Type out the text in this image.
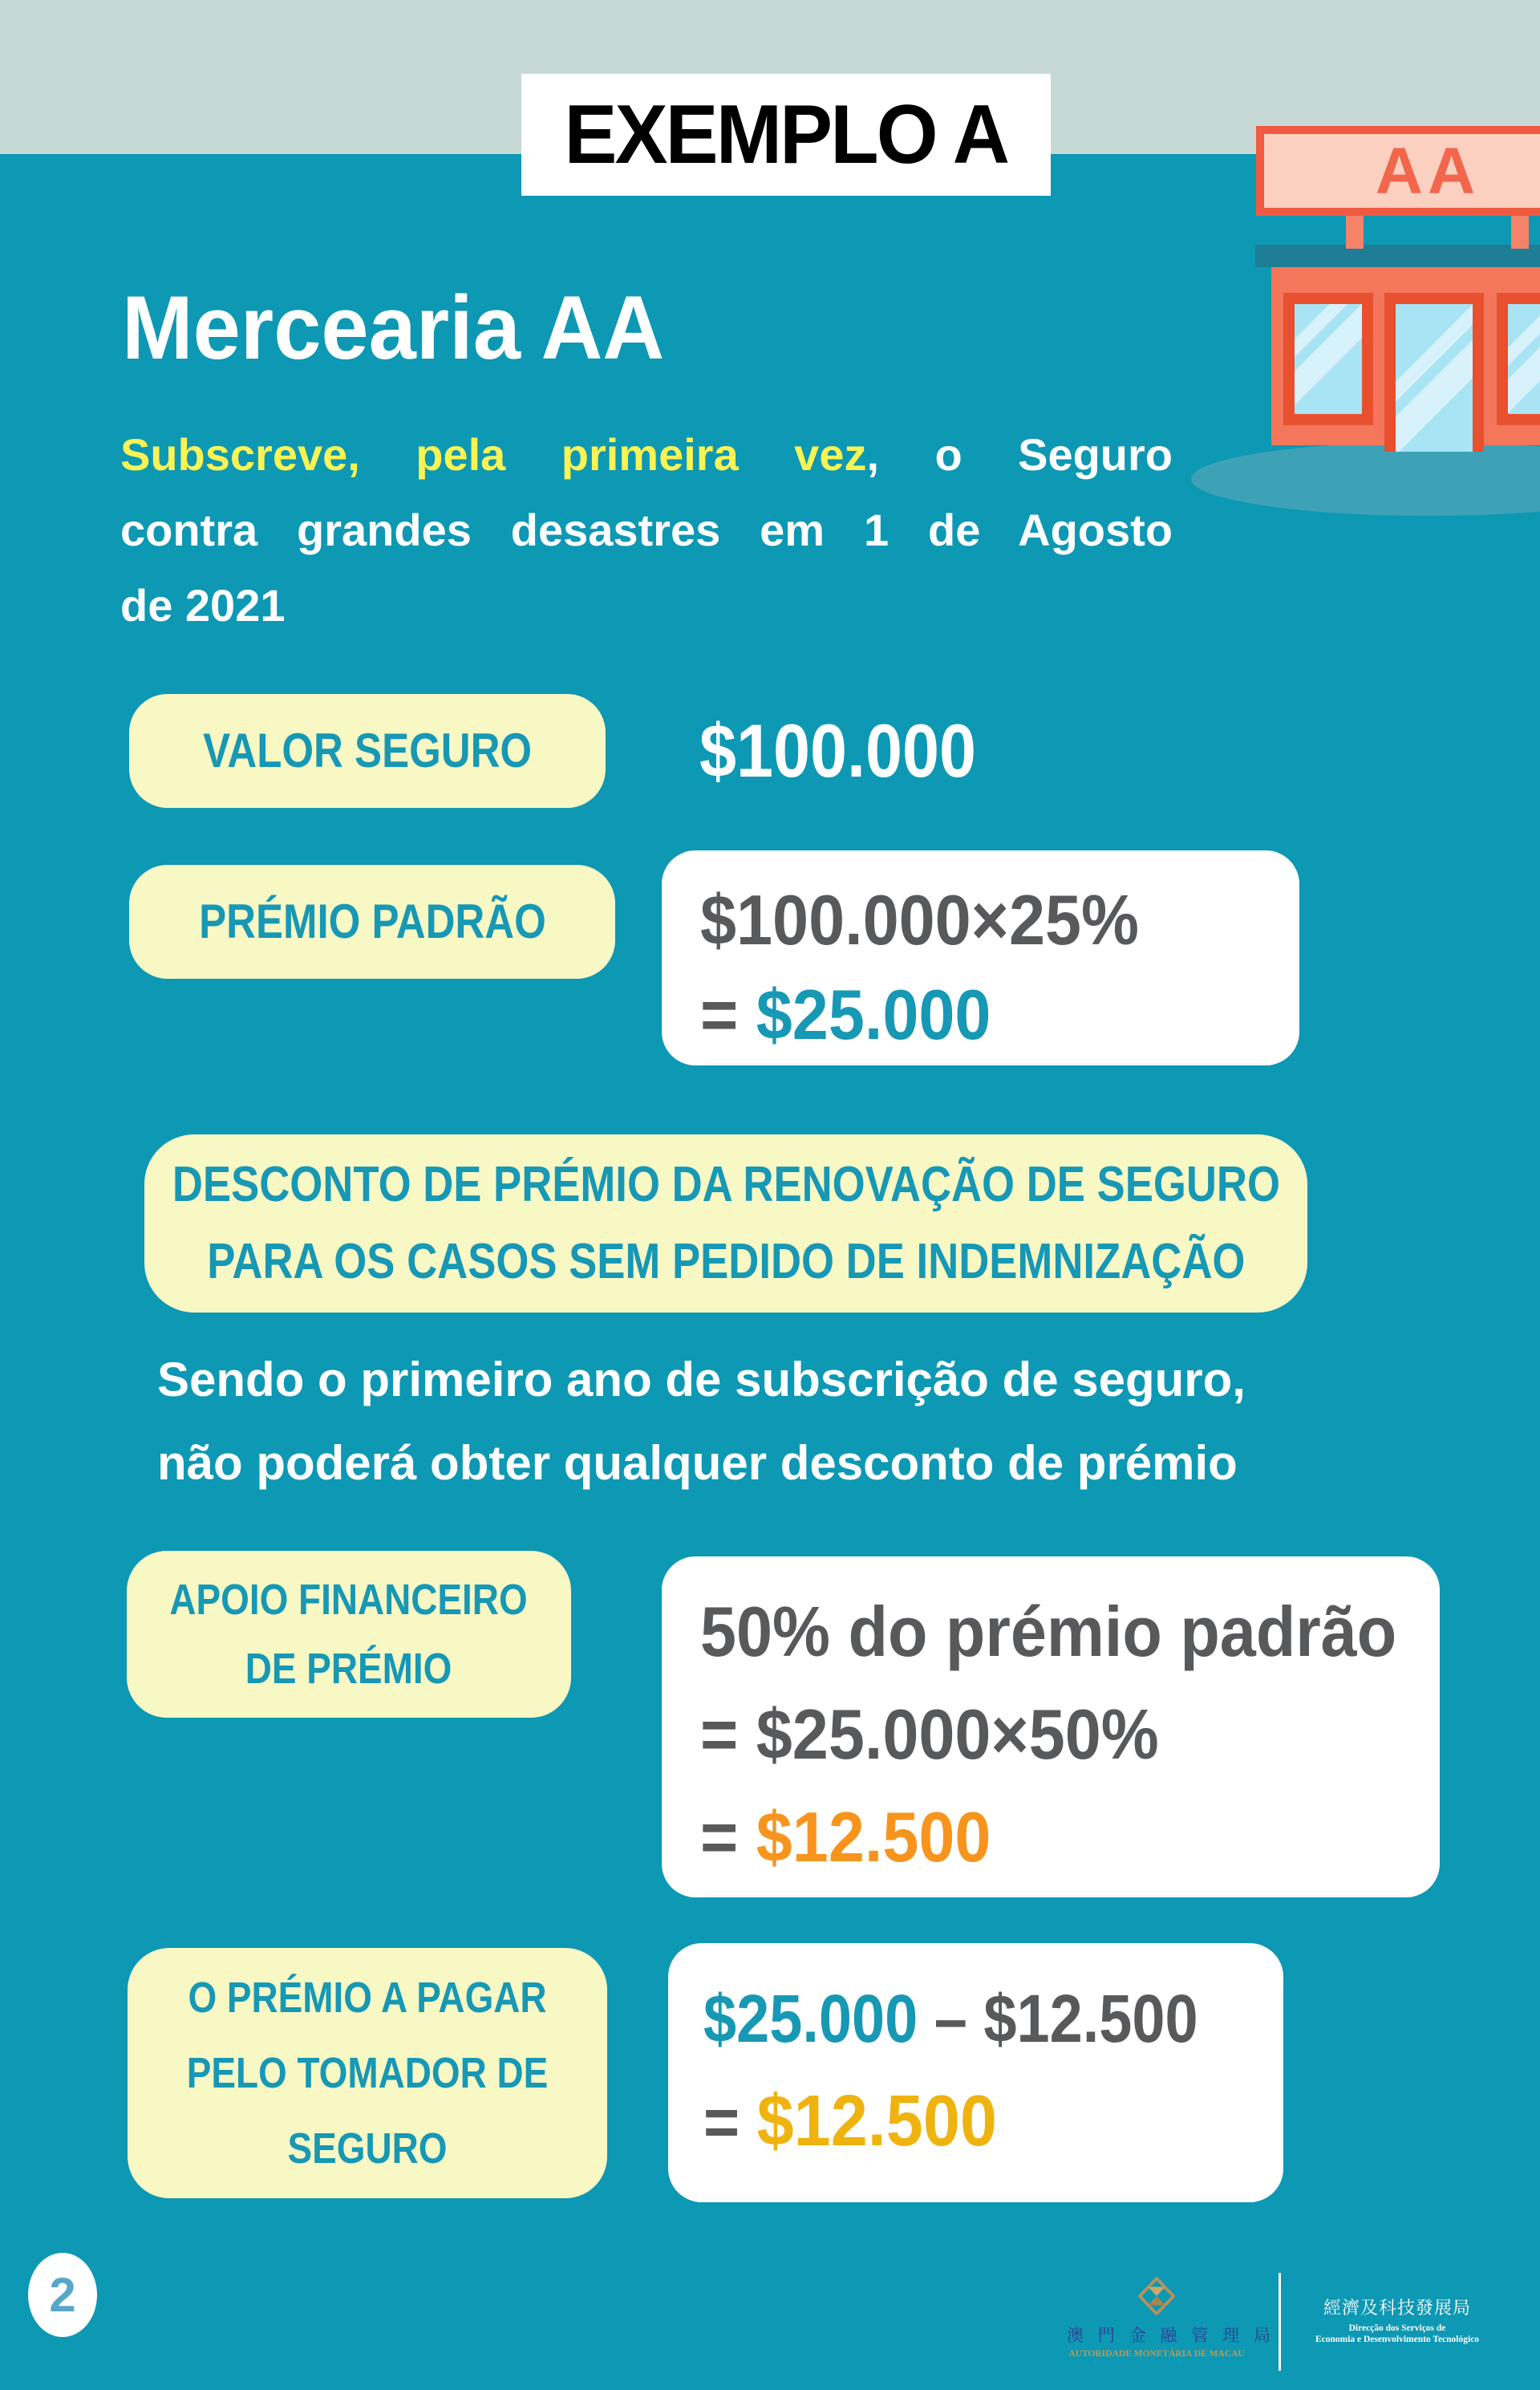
EXEMPLO A	AA
Mercearia AA
Subscreve, pela primeira vez, o Seguro
contra grandes desastres em 1 de Agosto
de 2021
VALOR SEGURO $100.000
PRÉMIO PADRÃO $100.000×25%
= $25.000
DESCONTO DE PRÉMIO DA RENOVAÇÃO DE SEGURO
PARA OS CASOS SEM PEDIDO DE INDEMNIZAÇÃO
Sendo o primeiro ano de subscrição de seguro,
não poderá obter qualquer desconto de prémio
APOIO FINANCEIRO
DE PRÉMIO	50% do prémio padrão
= $25.000×50%
= $12.500
O PRÉMIO A PAGAR
PELO TOMADOR DE
SEGURO
$25.000 – $12.500
= $12.500
2
澳 門 金 融 管 理 局
AUTORIDADE MONETÁRIA DE MACAU
經濟及科技發展局
Direcção dos Serviços de
Economia e Desenvolvimento Tecnológico
